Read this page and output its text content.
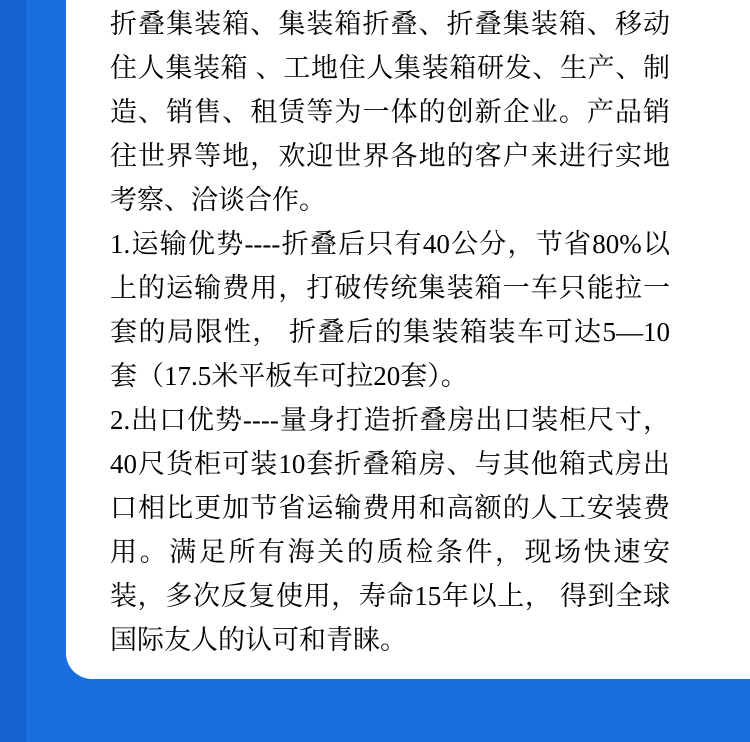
折叠集装箱、集装箱折叠、折叠集装箱、移动住人集装箱 、工地住人集装箱研发、生产、制造、销售、租赁等为一体的创新企业。产品销往世界等地，欢迎世界各地的客户来进行实地考察、洽谈合作。

1.运输优势----折叠后只有40公分，节省80%以上的运输费用，打破传统集装箱一车只能拉一套的局限性， 折叠后的集装箱装车可达5—10套（17.5米平板车可拉20套）。

2.出口优势----量身打造折叠房出口装柜尺寸，40尺货柜可装10套折叠箱房、与其他箱式房出口相比更加节省运输费用和高额的人工安装费用。满足所有海关的质检条件，现场快速安装，多次反复使用，寿命15年以上， 得到全球国际友人的认可和青睐。
